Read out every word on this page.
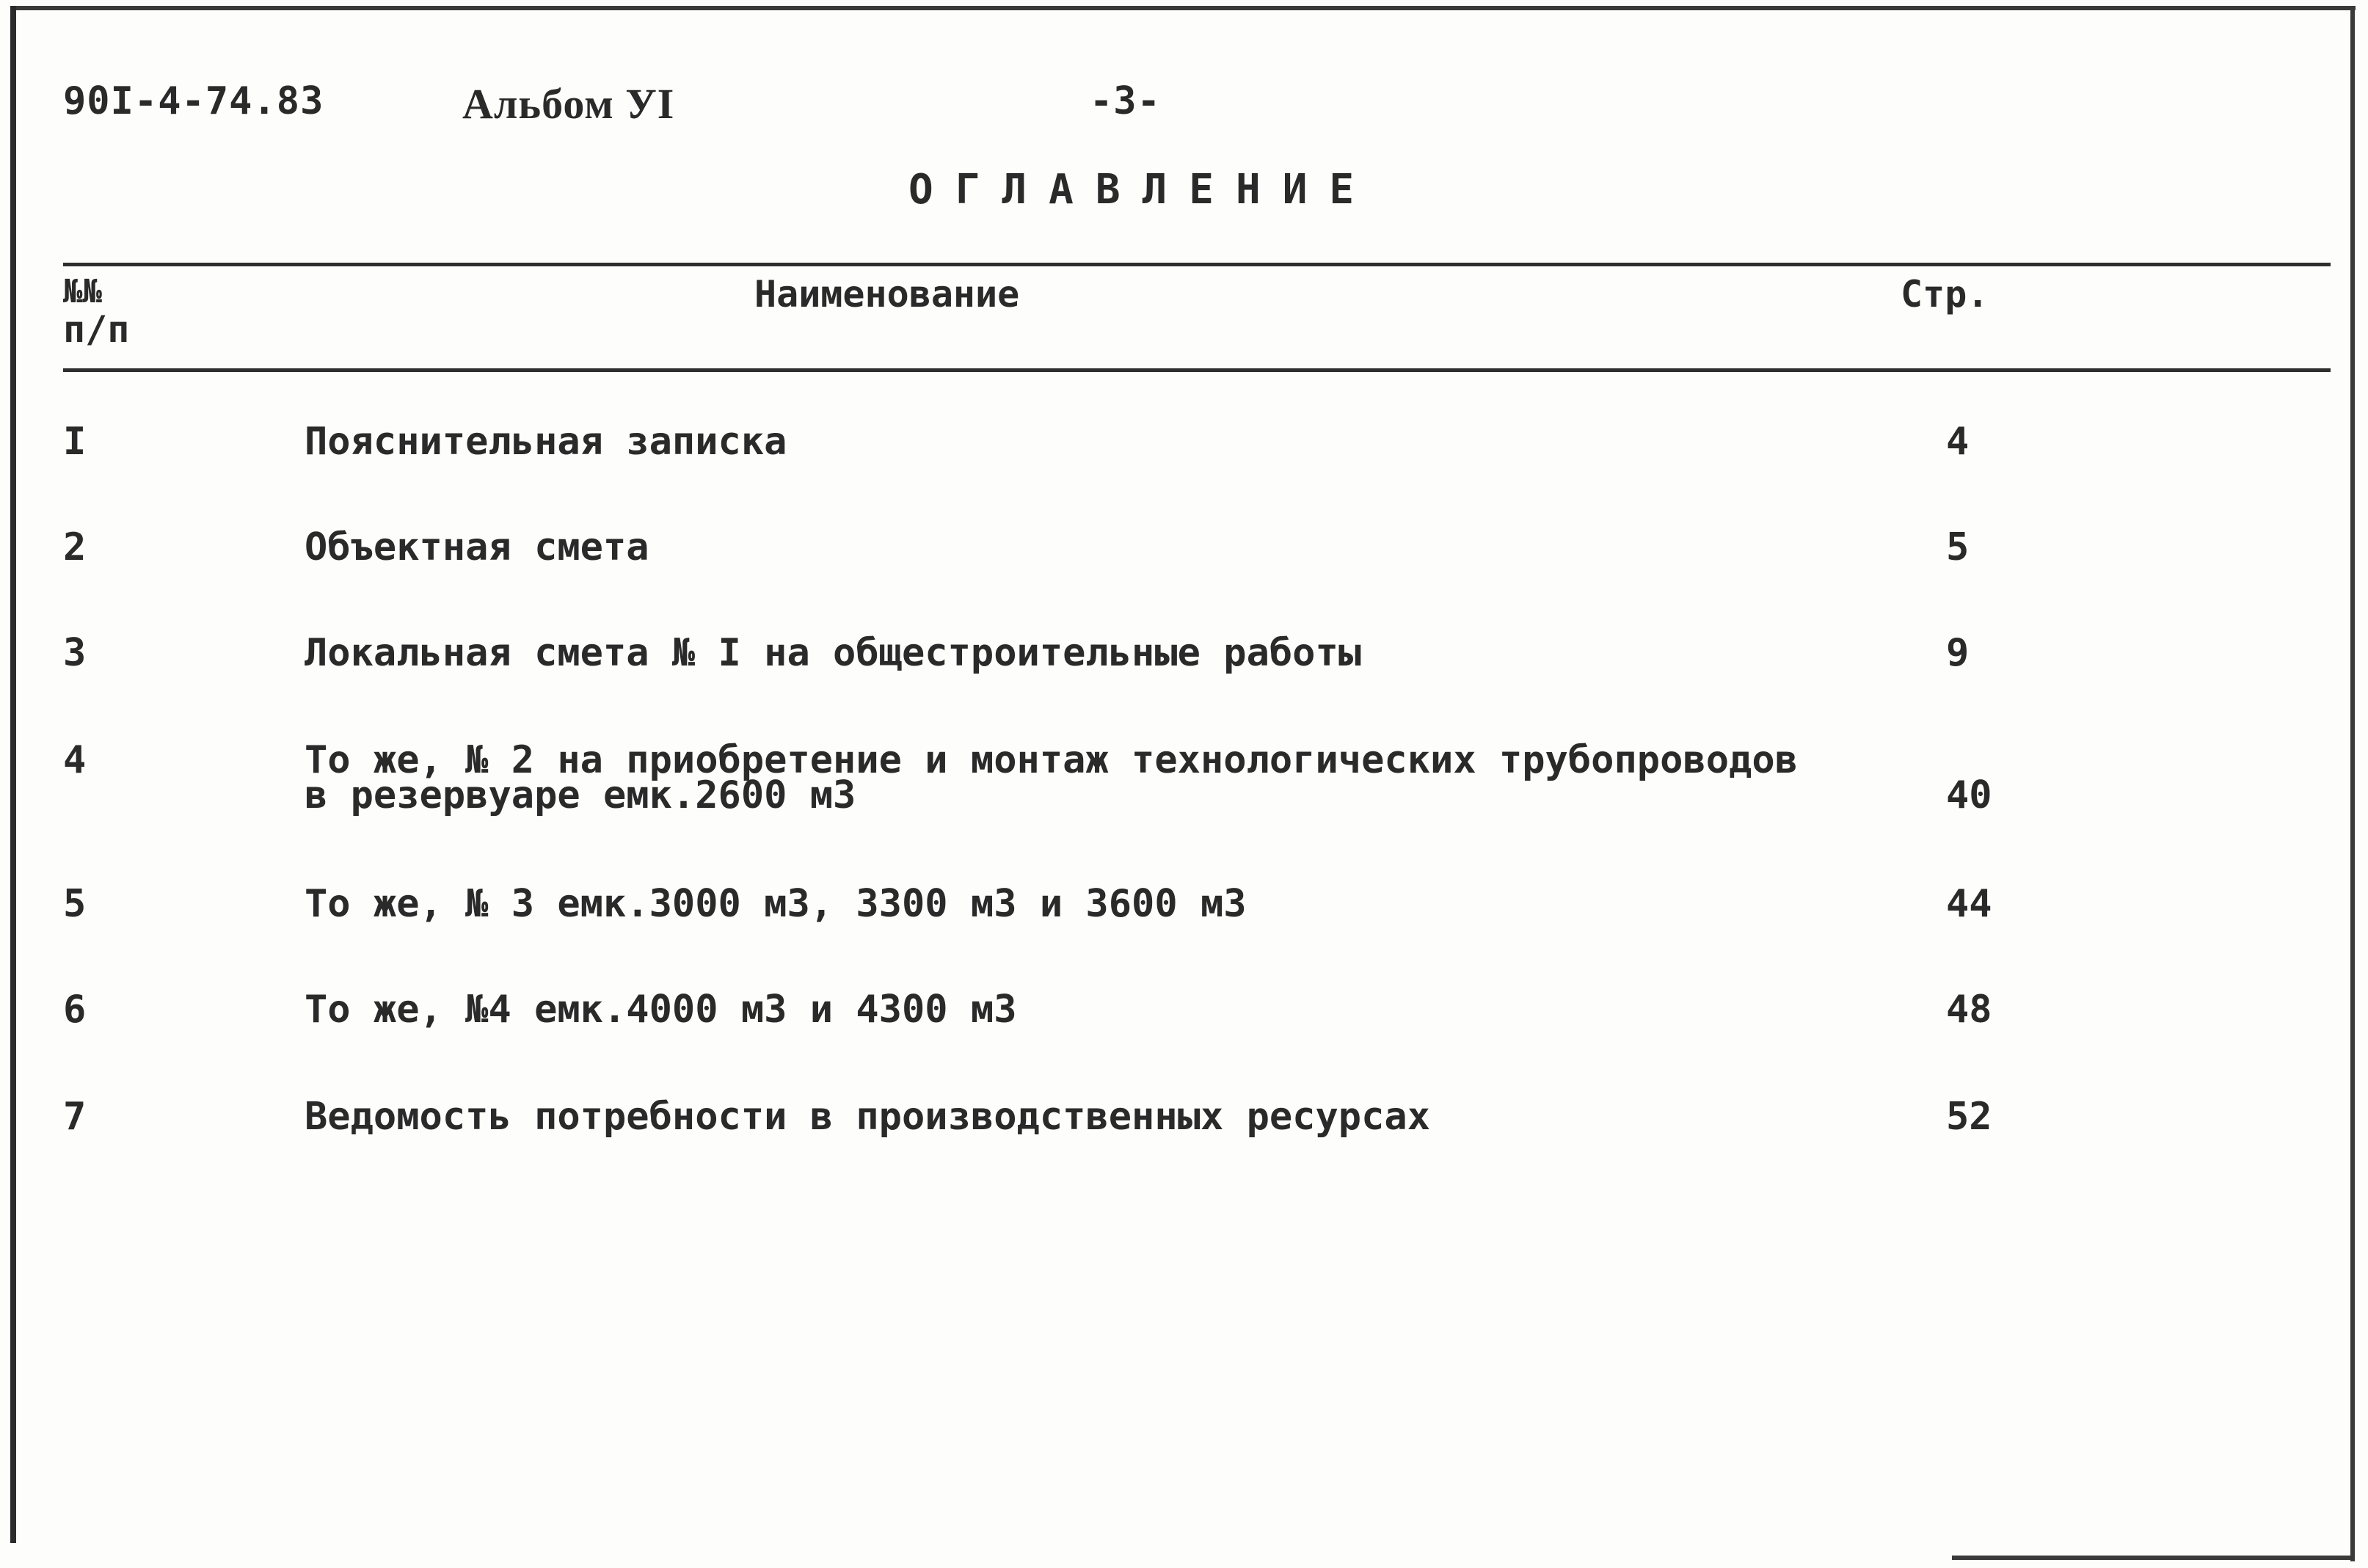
90I-4-74.83	Альбом УI	-3-
ОГЛАВЛЕНИЕ
№№
п/п
Наименование	Стр.
I	Пояснительная записка	4
2	Объектная смета	5
3	Локальная смета № I на общестроительные работы	9
4	То же, № 2 на приобретение и монтаж технологических трубопроводов
в резервуаре емк.2600 м3	40
5	То же, № 3 емк.3000 м3, 3300 м3 и 3600 м3	44
6	То же, №4 емк.4000 м3 и 4300 м3	48
7	Ведомость потребности в производственных ресурсах	52
